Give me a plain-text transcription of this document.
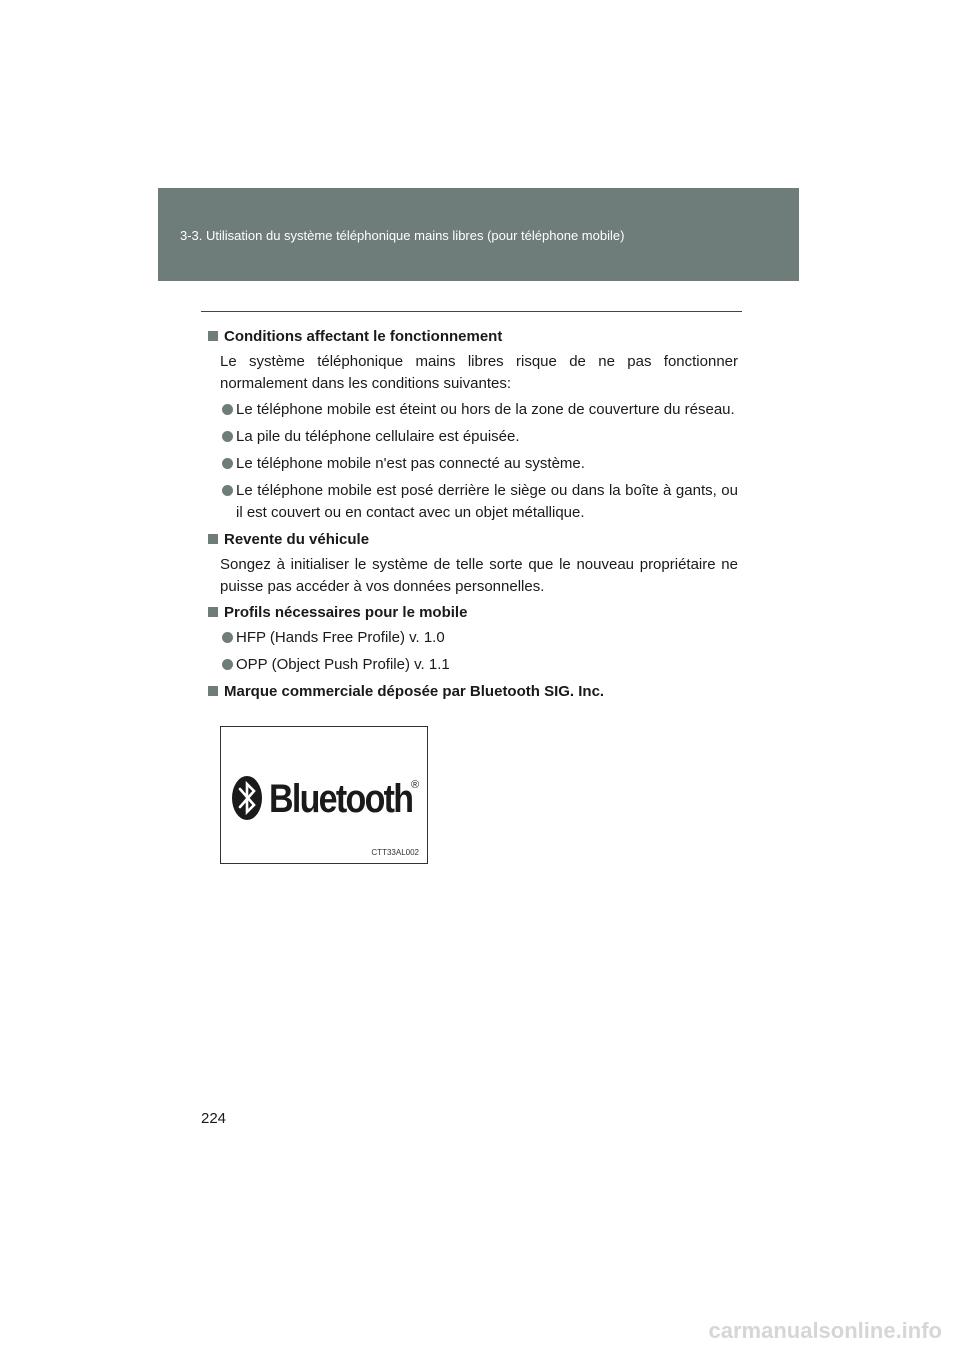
3-3. Utilisation du système téléphonique mains libres (pour téléphone mobile)
Conditions affectant le fonctionnement
Le système téléphonique mains libres risque de ne pas fonctionner normalement dans les conditions suivantes:
Le téléphone mobile est éteint ou hors de la zone de couverture du réseau.
La pile du téléphone cellulaire est épuisée.
Le téléphone mobile n'est pas connecté au système.
Le téléphone mobile est posé derrière le siège ou dans la boîte à gants, ou il est couvert ou en contact avec un objet métallique.
Revente du véhicule
Songez à initialiser le système de telle sorte que le nouveau propriétaire ne puisse pas accéder à vos données personnelles.
Profils nécessaires pour le mobile
HFP (Hands Free Profile) v. 1.0
OPP (Object Push Profile) v. 1.1
Marque commerciale déposée par Bluetooth SIG. Inc.
Bluetooth
®
CTT33AL002
224
carmanualsonline.info
